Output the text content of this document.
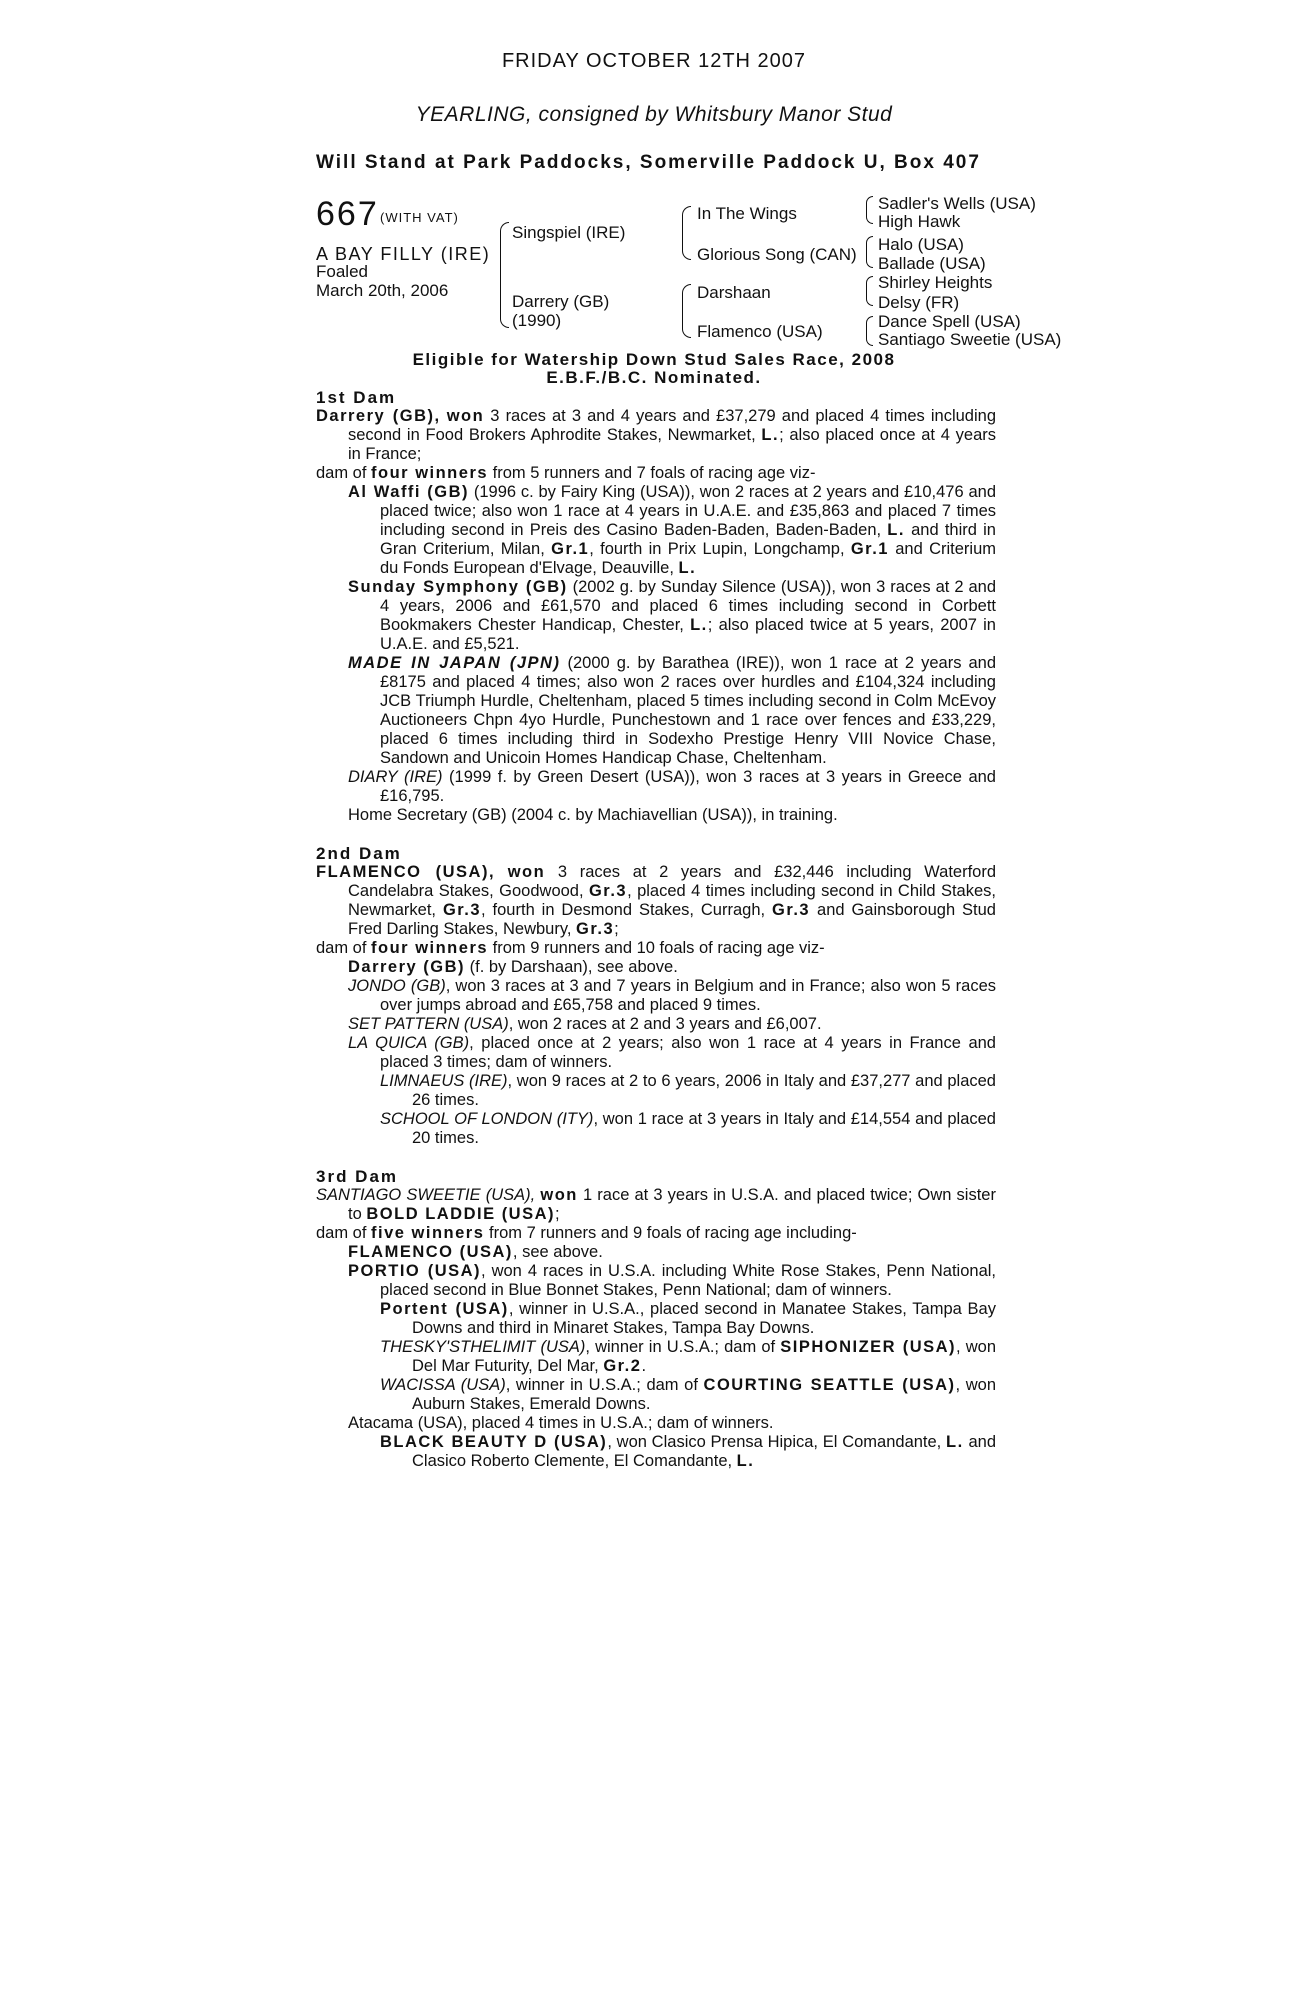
FRIDAY OCTOBER 12TH 2007
YEARLING, consigned by Whitsbury Manor Stud
Will Stand at Park Paddocks, Somerville Paddock U, Box 407
667 (WITH VAT)
A BAY FILLY (IRE)
Foaled
March 20th, 2006
Singspiel (IRE)
Darrery (GB)
(1990)
In The Wings
Glorious Song (CAN)
Darshaan
Flamenco (USA)
Sadler's Wells (USA)
High Hawk
Halo (USA)
Ballade (USA)
Shirley Heights
Delsy (FR)
Dance Spell (USA)
Santiago Sweetie (USA)
Eligible for Watership Down Stud Sales Race, 2008
E.B.F./B.C. Nominated.

1st Dam

Darrery (GB), won 3 races at 3 and 4 years and £37,279 and placed 4 times including second in Food Brokers Aphrodite Stakes, Newmarket, L.; also placed once at 4 years in France;

dam of four winners from 5 runners and 7 foals of racing age viz-

Al Waffi (GB) (1996 c. by Fairy King (USA)), won 2 races at 2 years and £10,476 and placed twice; also won 1 race at 4 years in U.A.E. and £35,863 and placed 7 times including second in Preis des Casino Baden-Baden, Baden-Baden, L. and third in Gran Criterium, Milan, Gr.1, fourth in Prix Lupin, Longchamp, Gr.1 and Criterium du Fonds European d'Elvage, Deauville, L.

Sunday Symphony (GB) (2002 g. by Sunday Silence (USA)), won 3 races at 2 and 4 years, 2006 and £61,570 and placed 6 times including second in Corbett Bookmakers Chester Handicap, Chester, L.; also placed twice at 5 years, 2007 in U.A.E. and £5,521.

MADE IN JAPAN (JPN) (2000 g. by Barathea (IRE)), won 1 race at 2 years and £8175 and placed 4 times; also won 2 races over hurdles and £104,324 including JCB Triumph Hurdle, Cheltenham, placed 5 times including second in Colm McEvoy Auctioneers Chpn 4yo Hurdle, Punchestown and 1 race over fences and £33,229, placed 6 times including third in Sodexho Prestige Henry VIII Novice Chase, Sandown and Unicoin Homes Handicap Chase, Cheltenham.

DIARY (IRE) (1999 f. by Green Desert (USA)), won 3 races at 3 years in Greece and £16,795.

Home Secretary (GB) (2004 c. by Machiavellian (USA)), in training.

2nd Dam

FLAMENCO (USA), won 3 races at 2 years and £32,446 including Waterford Candelabra Stakes, Goodwood, Gr.3, placed 4 times including second in Child Stakes, Newmarket, Gr.3, fourth in Desmond Stakes, Curragh, Gr.3 and Gainsborough Stud Fred Darling Stakes, Newbury, Gr.3;

dam of four winners from 9 runners and 10 foals of racing age viz-

Darrery (GB) (f. by Darshaan), see above.

JONDO (GB), won 3 races at 3 and 7 years in Belgium and in France; also won 5 races over jumps abroad and £65,758 and placed 9 times.

SET PATTERN (USA), won 2 races at 2 and 3 years and £6,007.

LA QUICA (GB), placed once at 2 years; also won 1 race at 4 years in France and placed 3 times; dam of winners.

LIMNAEUS (IRE), won 9 races at 2 to 6 years, 2006 in Italy and £37,277 and placed 26 times.

SCHOOL OF LONDON (ITY), won 1 race at 3 years in Italy and £14,554 and placed 20 times.

3rd Dam

SANTIAGO SWEETIE (USA), won 1 race at 3 years in U.S.A. and placed twice; Own sister to BOLD LADDIE (USA);

dam of five winners from 7 runners and 9 foals of racing age including-

FLAMENCO (USA), see above.

PORTIO (USA), won 4 races in U.S.A. including White Rose Stakes, Penn National, placed second in Blue Bonnet Stakes, Penn National; dam of winners.

Portent (USA), winner in U.S.A., placed second in Manatee Stakes, Tampa Bay Downs and third in Minaret Stakes, Tampa Bay Downs.

THESKY'STHELIMIT (USA), winner in U.S.A.; dam of SIPHONIZER (USA), won Del Mar Futurity, Del Mar, Gr.2.

WACISSA (USA), winner in U.S.A.; dam of COURTING SEATTLE (USA), won Auburn Stakes, Emerald Downs.

Atacama (USA), placed 4 times in U.S.A.; dam of winners.

BLACK BEAUTY D (USA), won Clasico Prensa Hipica, El Comandante, L. and Clasico Roberto Clemente, El Comandante, L.
